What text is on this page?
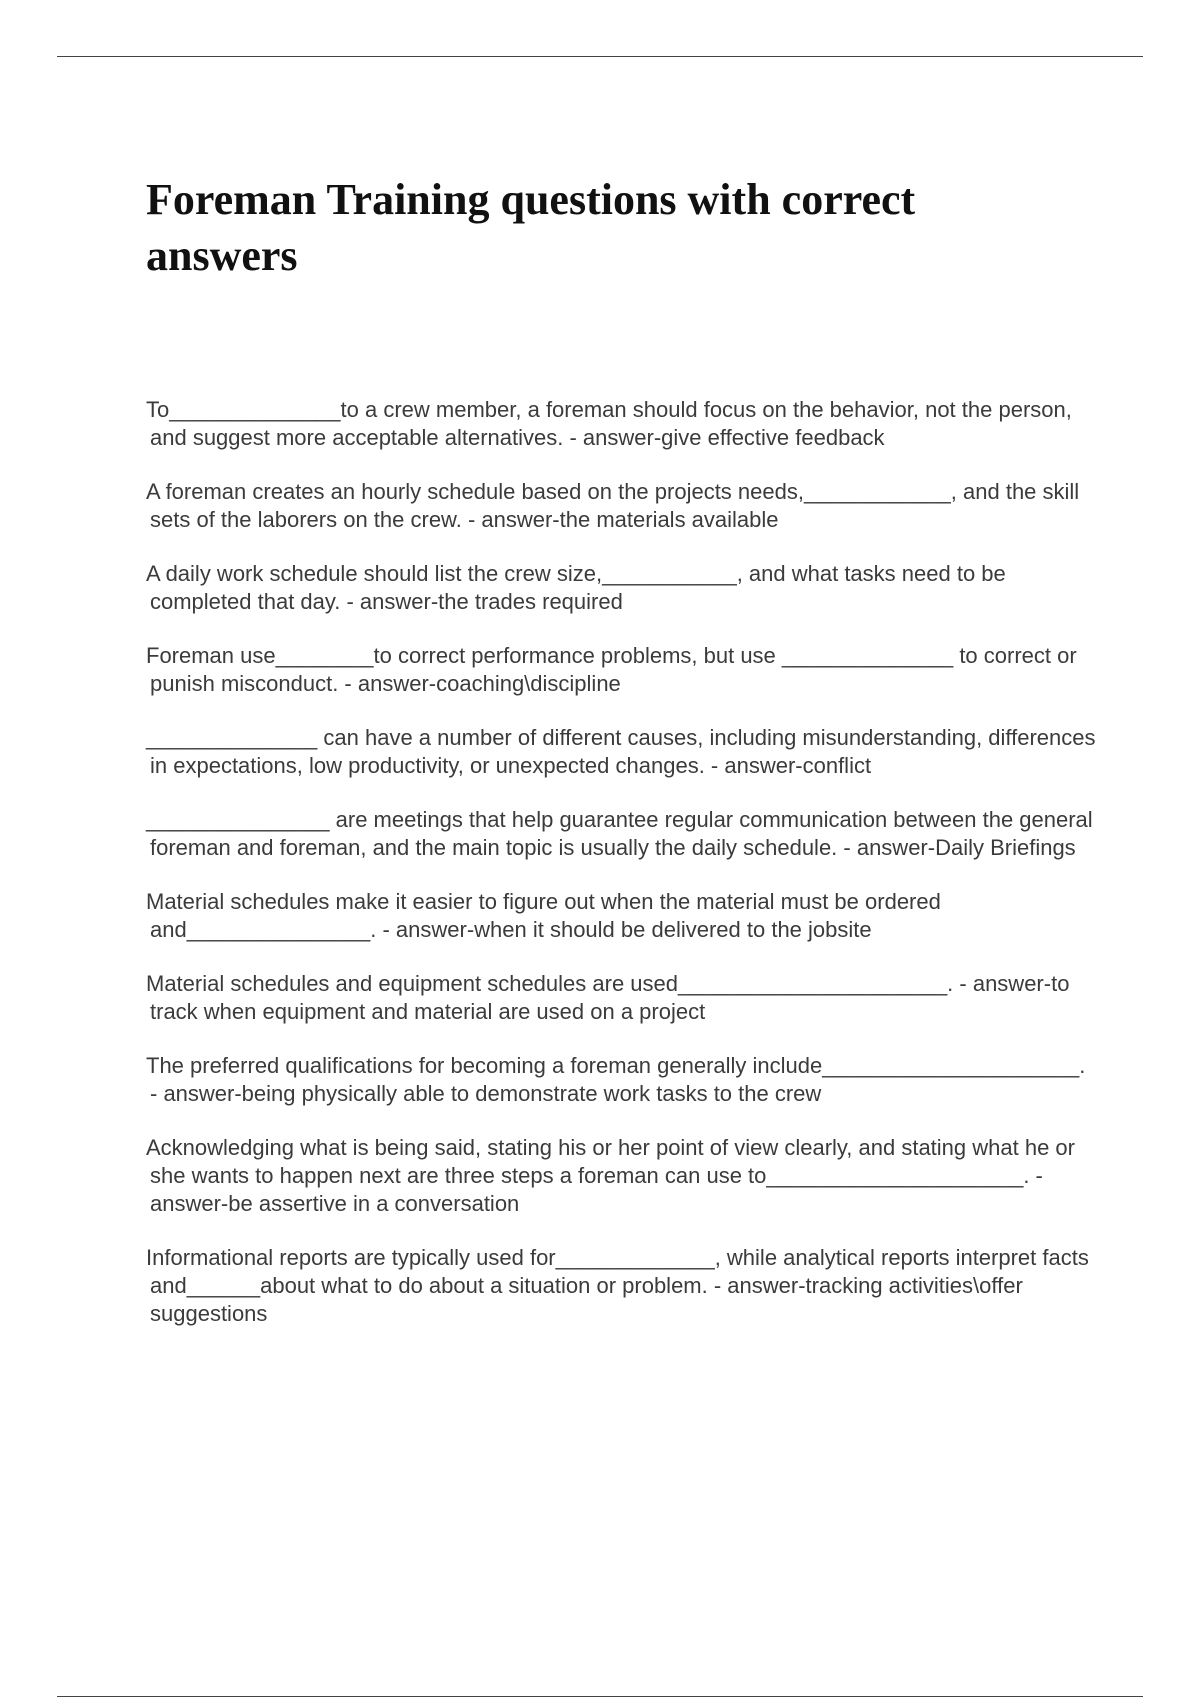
Foreman Training questions with correct answers

To______________to a crew member, a foreman should focus on the behavior, not the person, and suggest more acceptable alternatives. - answer-give effective feedback

A foreman creates an hourly schedule based on the projects needs,____________, and the skill sets of the laborers on the crew. - answer-the materials available

A daily work schedule should list the crew size,___________, and what tasks need to be completed that day. - answer-the trades required

Foreman use________to correct performance problems, but use ______________ to correct or punish misconduct. - answer-coaching\discipline

______________ can have a number of different causes, including misunderstanding, differences in expectations, low productivity, or unexpected changes. - answer-conflict

_______________ are meetings that help guarantee regular communication between the general foreman and foreman, and the main topic is usually the daily schedule. - answer-Daily Briefings

Material schedules make it easier to figure out when the material must be ordered and_______________. - answer-when it should be delivered to the jobsite

Material schedules and equipment schedules are used______________________. - answer-to track when equipment and material are used on a project

The preferred qualifications for becoming a foreman generally include_____________________. - answer-being physically able to demonstrate work tasks to the crew

Acknowledging what is being said, stating his or her point of view clearly, and stating what he or she wants to happen next are three steps a foreman can use to_____________________. - answer-be assertive in a conversation

Informational reports are typically used for_____________, while analytical reports interpret facts and______about what to do about a situation or problem. - answer-tracking activities\offer suggestions
